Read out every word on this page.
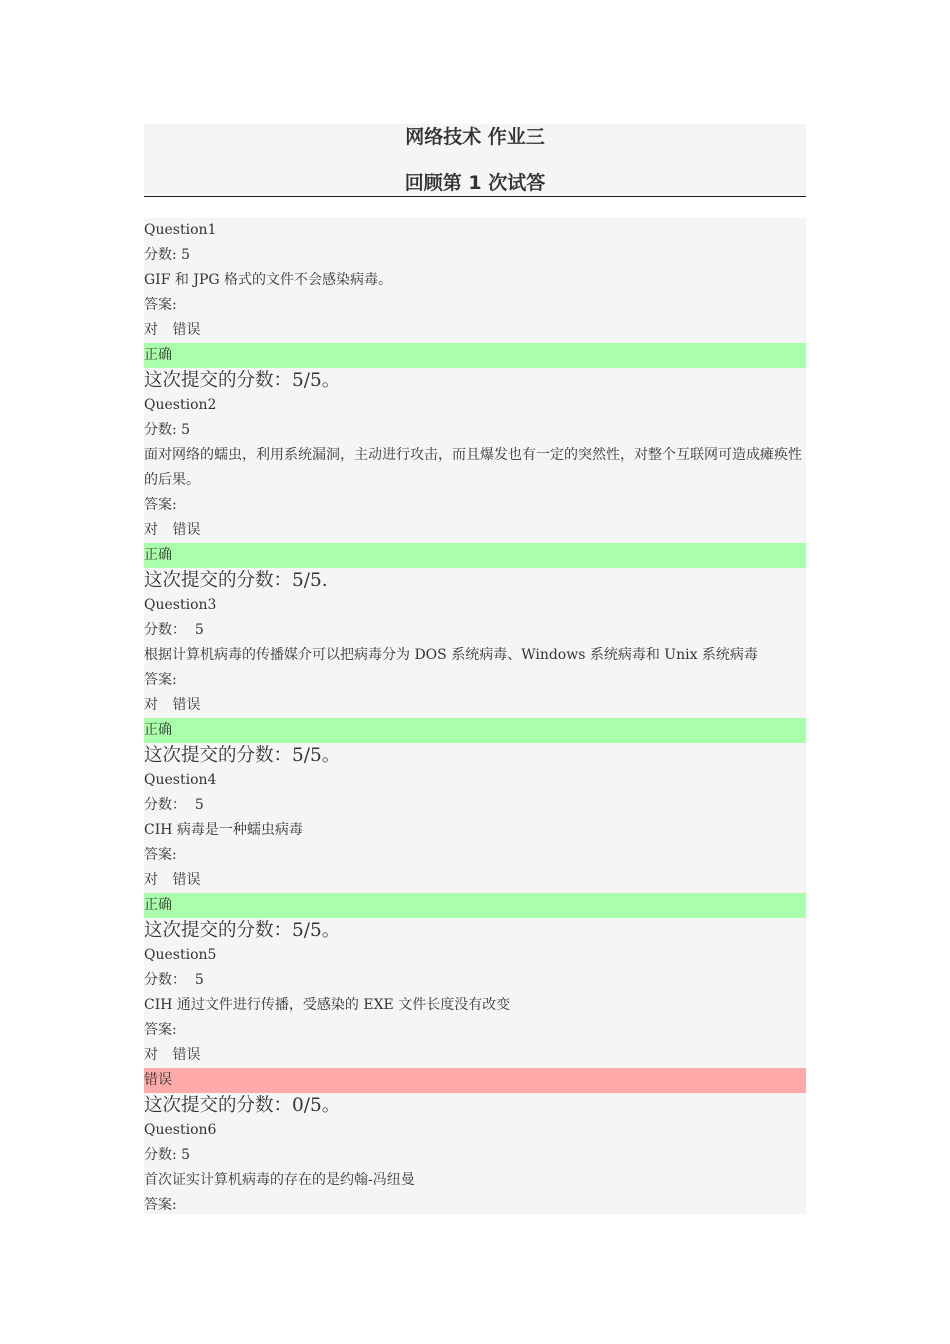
网络技术 作业三
回顾第 1 次试答
Question1
分数: 5
GIF 和 JPG 格式的文件不会感染病毒。
答案:
对 错误
正确
这次提交的分数：5/5。
Question2
分数: 5
面对网络的蠕虫，利用系统漏洞，主动进行攻击，而且爆发也有一定的突然性，对整个互联网可造成瘫痪性的后果。
答案:
对 错误
正确
这次提交的分数：5/5.
Question3
分数：  5
根据计算机病毒的传播媒介可以把病毒分为 DOS 系统病毒、Windows 系统病毒和 Unix 系统病毒
答案:
对 错误
正确
这次提交的分数：5/5。
Question4
分数：  5
CIH 病毒是一种蠕虫病毒
答案:
对 错误
正确
这次提交的分数：5/5。
Question5
分数：  5
CIH 通过文件进行传播，受感染的 EXE 文件长度没有改变
答案:
对 错误
错误
这次提交的分数：0/5。
Question6
分数: 5
首次证实计算机病毒的存在的是约翰-冯纽曼
答案:
